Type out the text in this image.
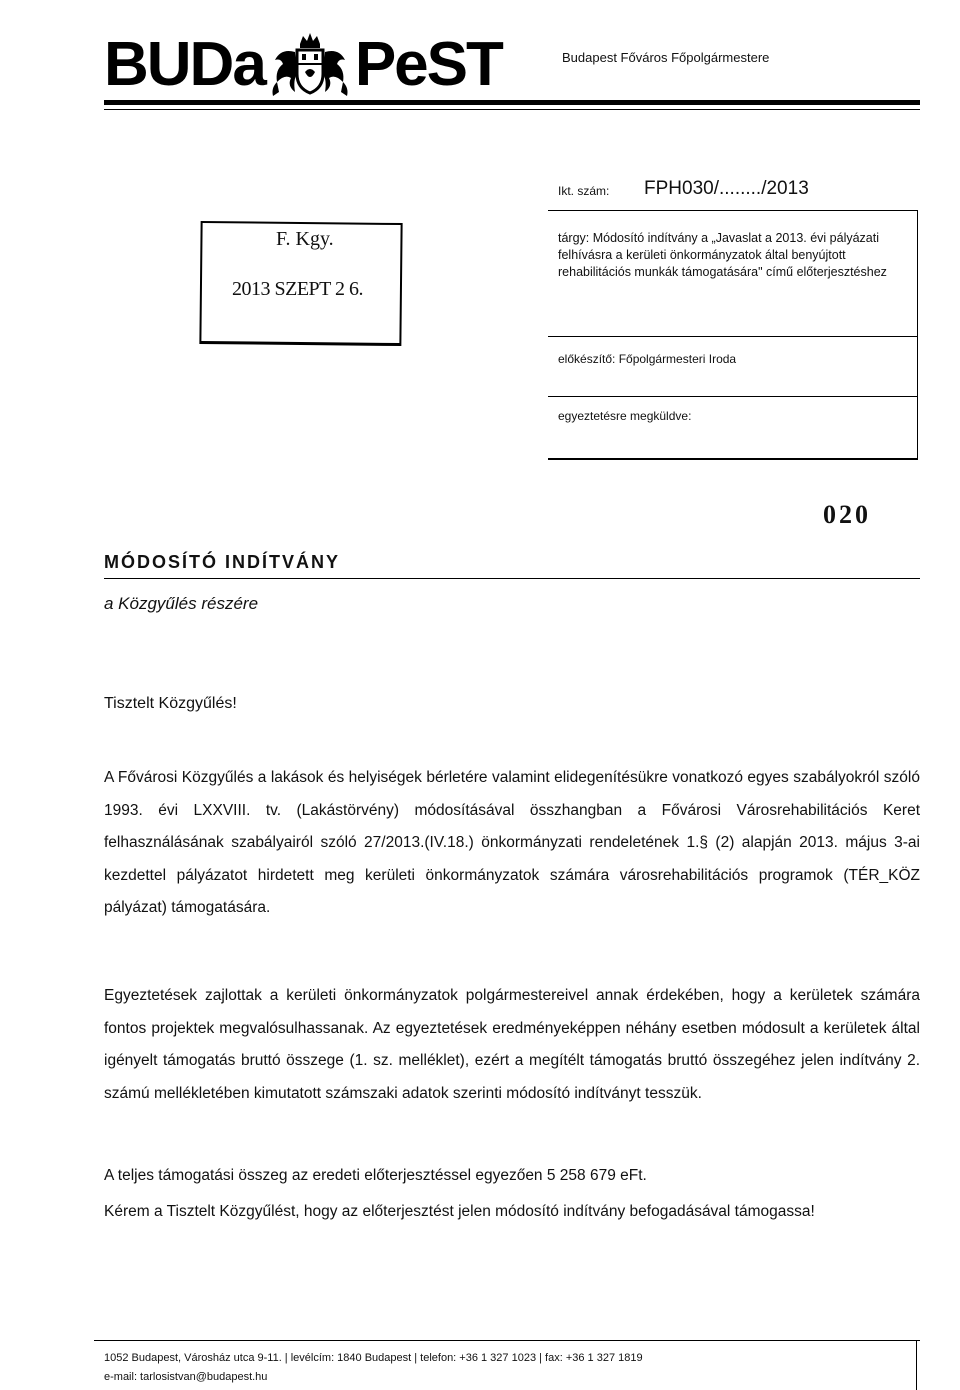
BUDa PeST	Budapest Főváros Főpolgármestere
F. Kgy.
2013 SZEPT 2 6.
Ikt. szám: FPH030/......../2013
tárgy: Módosító indítvány a „Javaslat a 2013. évi pályázati felhívásra a kerületi önkormányzatok által benyújtott rehabilitációs munkák támogatására" című előterjesztéshez
előkészítő: Főpolgármesteri Iroda
egyeztetésre megküldve:
020
MÓDOSÍTÓ INDÍTVÁNY
a Közgyűlés részére
Tisztelt Közgyűlés!
A Fővárosi Közgyűlés a lakások és helyiségek bérletére valamint elidegenítésükre vonatkozó egyes szabályokról szóló 1993. évi LXXVIII. tv. (Lakástörvény) módosításával összhangban a Fővárosi Városrehabilitációs Keret felhasználásának szabályairól szóló 27/2013.(IV.18.) önkormányzati rendeletének 1.§ (2) alapján 2013. május 3-ai kezdettel pályázatot hirdetett meg kerületi önkormányzatok számára városrehabilitációs programok (TÉR_KÖZ pályázat) támogatására.
Egyeztetések zajlottak a kerületi önkormányzatok polgármestereivel annak érdekében, hogy a kerületek számára fontos projektek megvalósulhassanak. Az egyeztetések eredményeképpen néhány esetben módosult a kerületek által igényelt támogatás bruttó összege (1. sz. melléklet), ezért a megítélt támogatás bruttó összegéhez jelen indítvány 2. számú mellékletében kimutatott számszaki adatok szerinti módosító indítványt tesszük.
A teljes támogatási összeg az eredeti előterjesztéssel egyezően 5 258 679 eFt.
Kérem a Tisztelt Közgyűlést, hogy az előterjesztést jelen módosító indítvány befogadásával támogassa!
1052 Budapest, Városház utca 9-11. | levélcím: 1840 Budapest | telefon: +36 1 327 1023 | fax: +36 1 327 1819
e-mail: tarlosistvan@budapest.hu
